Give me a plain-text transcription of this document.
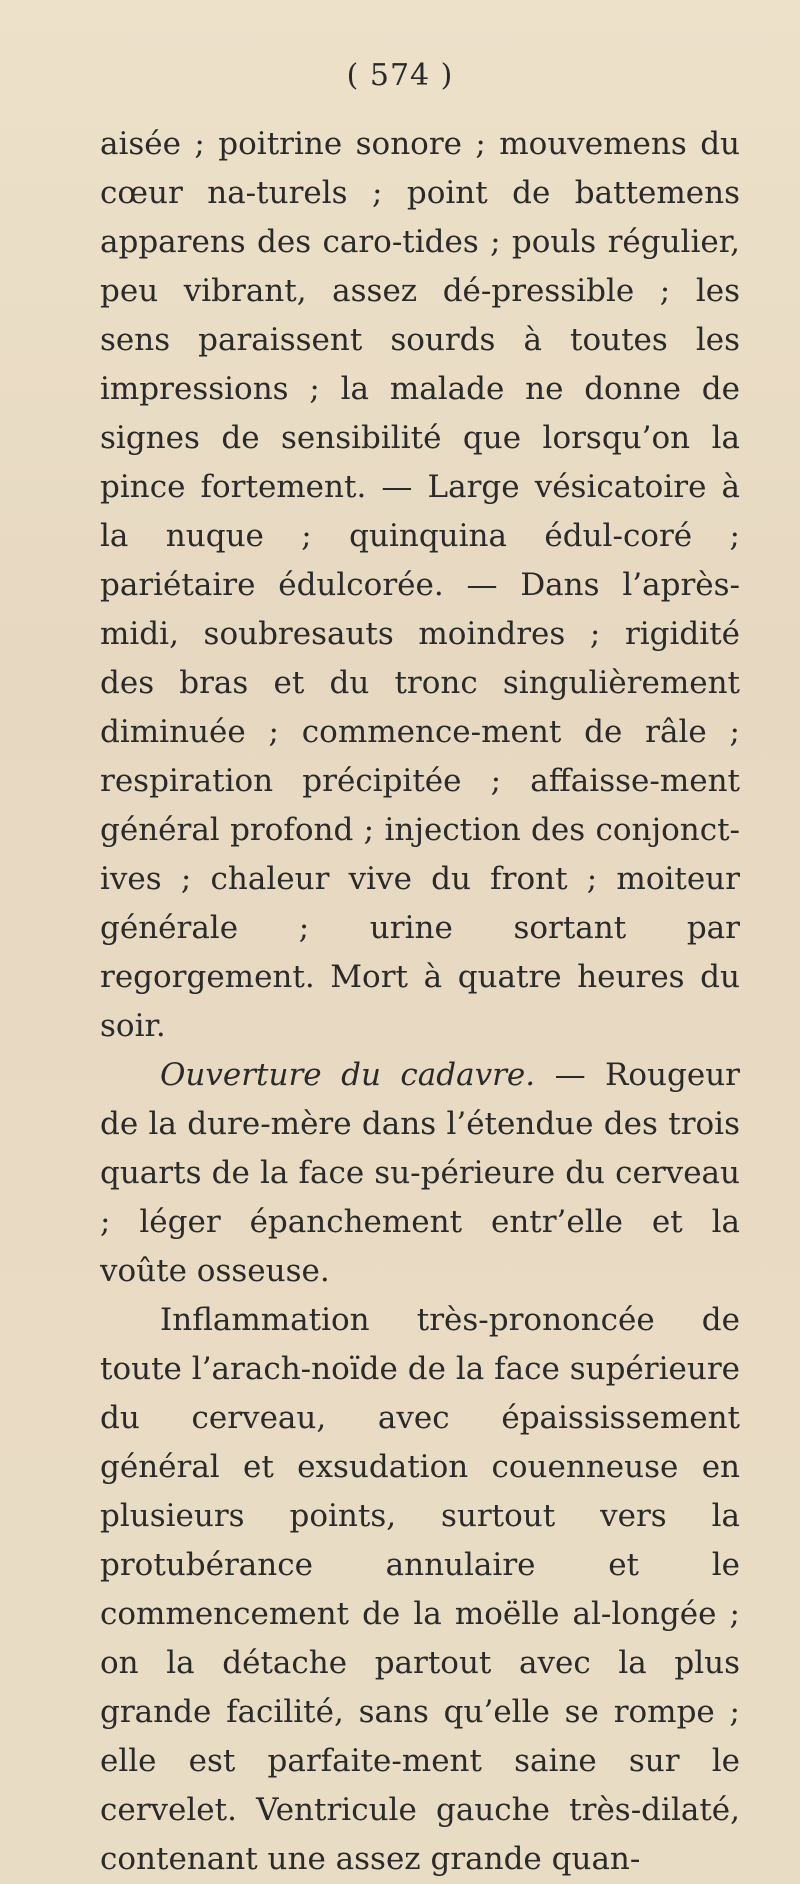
( 574 )

aisée ; poitrine sonore ; mouvemens du cœur na-turels ; point de battemens apparens des caro-tides ; pouls régulier, peu vibrant, assez dé-pressible ; les sens paraissent sourds à toutes les impressions ; la malade ne donne de signes de sensibilité que lorsqu’on la pince fortement. — Large vésicatoire à la nuque ; quinquina édul-coré ; pariétaire édulcorée. — Dans l’après-midi, soubresauts moindres ; rigidité des bras et du tronc singulièrement diminuée ; commence-ment de râle ; respiration précipitée ; affaisse-ment général profond ; injection des conjonct-ives ; chaleur vive du front ; moiteur générale ; urine sortant par regorgement. Mort à quatre heures du soir.

Ouverture du cadavre. — Rougeur de la dure-mère dans l’étendue des trois quarts de la face su-périeure du cerveau ; léger épanchement entr’elle et la voûte osseuse.

Inflammation très-prononcée de toute l’arach-noïde de la face supérieure du cerveau, avec épaississement général et exsudation couenneuse en plusieurs points, surtout vers la protubérance annulaire et le commencement de la moëlle al-longée ; on la détache partout avec la plus grande facilité, sans qu’elle se rompe ; elle est parfaite-ment saine sur le cervelet. Ventricule gauche très-dilaté, contenant une assez grande quan-
